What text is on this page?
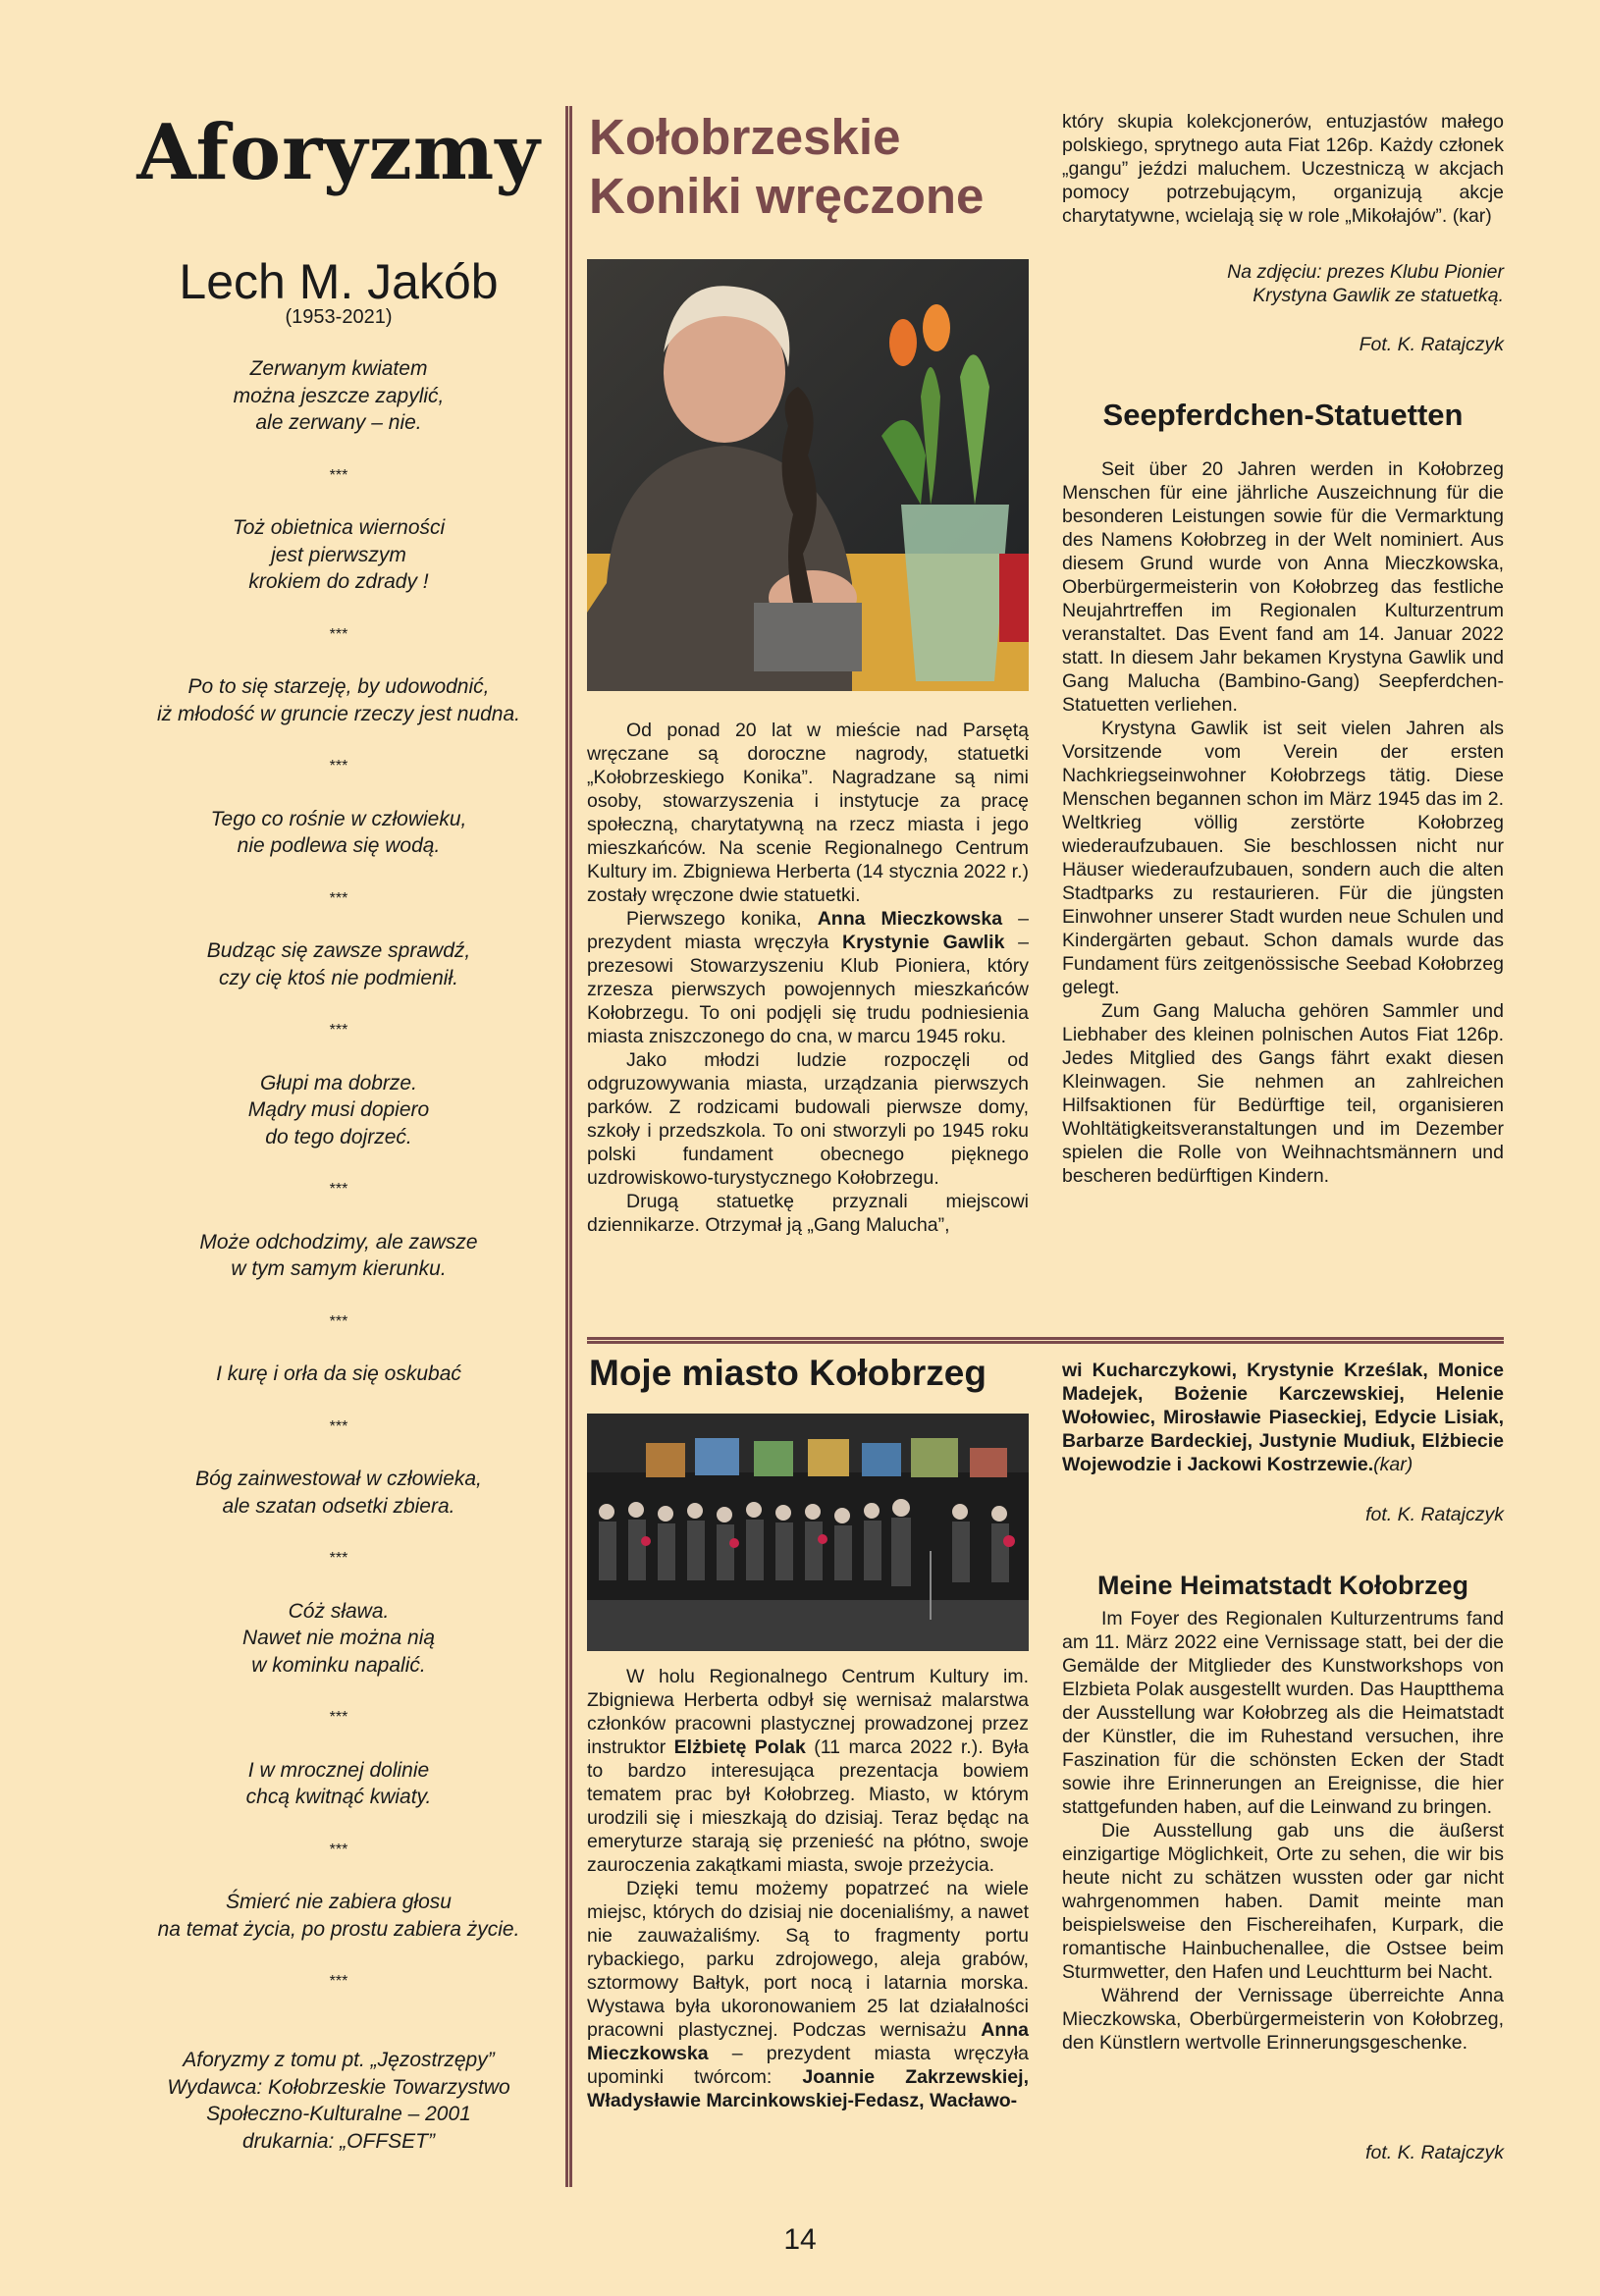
Aforyzmy
Lech M. Jakób
(1953-2021)

Zerwanym kwiatem

można jeszcze zapylić,

ale zerwany – nie.

***

Toż obietnica wierności

jest pierwszym

krokiem do zdrady !

***

Po to się starzeję, by udowodnić,

iż młodość w gruncie rzeczy jest nudna.

***

Tego co rośnie w człowieku,

nie podlewa się wodą.

***

Budząc się zawsze sprawdź,

czy cię ktoś nie podmienił.

***

Głupi ma dobrze.

Mądry musi dopiero

do tego dojrzeć.

***

Może odchodzimy, ale zawsze

w tym samym kierunku.

***

I kurę i orła da się oskubać

***

Bóg zainwestował w człowieka,

ale szatan odsetki zbiera.

***

Cóż sława.

Nawet nie można nią

w kominku napalić.

***

I w mrocznej dolinie

chcą kwitnąć kwiaty.

***

Śmierć nie zabiera głosu

na temat życia, po prostu zabiera życie.

***

Aforyzmy z tomu pt. „Jęzostrzępy”

Wydawca: Kołobrzeskie Towarzystwo

Społeczno-Kulturalne – 2001

drukarnia: „OFFSET”

Kołobrzeskie
Koniki wręczone

Od ponad 20 lat w mieście nad Parsętą wręczane są doroczne nagrody, statuetki „Kołobrzeskiego Konika”. Nagradzane są nimi osoby, stowarzyszenia i instytucje za pracę społeczną, charytatywną na rzecz miasta i jego mieszkańców. Na scenie Regionalnego Centrum Kultury im. Zbigniewa Herberta (14 stycznia 2022 r.) zostały wręczone dwie statuetki.

Pierwszego konika, Anna Mieczkowska – prezydent miasta wręczyła Krystynie Gawlik – prezesowi Stowarzyszeniu Klub Pioniera, który zrzesza pierwszych powojennych mieszkańców Kołobrzegu. To oni podjęli się trudu podniesienia miasta zniszczonego do cna, w marcu 1945 roku.

Jako młodzi ludzie rozpoczęli od odgruzowywania miasta, urządzania pierwszych parków. Z rodzicami budowali pierwsze domy, szkoły i przedszkola. To oni stworzyli po 1945 roku polski fundament obecnego pięknego uzdrowiskowo-turystycznego Kołobrzegu.

Drugą statuetkę przyznali miejscowi dziennikarze. Otrzymał ją „Gang Malucha”,

który skupia kolekcjonerów, entuzjastów małego polskiego, sprytnego auta Fiat 126p. Każdy członek „gangu” jeździ maluchem. Uczestniczą w akcjach pomocy potrzebującym, organizują akcje charytatywne, wcielają się w role „Mikołajów”. (kar)

Na zdjęciu: prezes Klubu Pionier
Krystyna Gawlik ze statuetką.
Fot. K. Ratajczyk
Seepferdchen-Statuetten

Seit über 20 Jahren werden in Kołobrzeg Menschen für eine jährliche Auszeichnung für die besonderen Leistungen sowie für die Vermarktung des Namens Kołobrzeg in der Welt nominiert. Aus diesem Grund wurde von Anna Mieczkowska, Oberbürgermeisterin von Kołobrzeg das festliche Neujahrtreffen im Regionalen Kulturzentrum veranstaltet. Das Event fand am 14. Januar 2022 statt. In diesem Jahr bekamen Krystyna Gawlik und Gang Malucha (Bambino-Gang) Seepferdchen-Statuetten verliehen.

Krystyna Gawlik ist seit vielen Jahren als Vorsitzende vom Verein der ersten Nachkriegseinwohner Kołobrzegs tätig. Diese Menschen begannen schon im März 1945 das im 2. Weltkrieg völlig zerstörte Kołobrzeg wiederaufzubauen. Sie beschlossen nicht nur Häuser wiederaufzubauen, sondern auch die alten Stadtparks zu restaurieren. Für die jüngsten Einwohner unserer Stadt wurden neue Schulen und Kindergärten gebaut. Schon damals wurde das Fundament fürs zeitgenössische Seebad Kołobrzeg gelegt.

Zum Gang Malucha gehören Sammler und Liebhaber des kleinen polnischen Autos Fiat 126p. Jedes Mitglied des Gangs fährt exakt diesen Kleinwagen. Sie nehmen an zahlreichen Hilfsaktionen für Bedürftige teil, organisieren Wohltätigkeitsveranstaltungen und im Dezember spielen die Rolle von Weihnachtsmännern und bescheren bedürftigen Kindern.

Moje miasto Kołobrzeg

W holu Regionalnego Centrum Kultury im. Zbigniewa Herberta odbył się wernisaż malarstwa członków pracowni plastycznej prowadzonej przez instruktor Elżbietę Polak (11 marca 2022 r.). Była to bardzo interesująca prezentacja bowiem tematem prac był Kołobrzeg. Miasto, w którym urodzili się i mieszkają do dzisiaj. Teraz będąc na emeryturze starają się przenieść na płótno, swoje zauroczenia zakątkami miasta, swoje przeżycia.

Dzięki temu możemy popatrzeć na wiele miejsc, których do dzisiaj nie docenialiśmy, a nawet nie zauważaliśmy. Są to fragmenty portu rybackiego, parku zdrojowego, aleja grabów, sztormowy Bałtyk, port nocą i latarnia morska. Wystawa była ukoronowaniem 25 lat działalności pracowni plastycznej. Podczas wernisażu Anna Mieczkowska – prezydent miasta wręczyła upominki twórcom: Joannie Zakrzewskiej, Władysławie Marcinkowskiej-Fedasz, Wacławo-

wi Kucharczykowi, Krystynie Krześlak, Monice Madejek, Bożenie Karczewskiej, Helenie Wołowiec, Mirosławie Piaseckiej, Edycie Lisiak, Barbarze Bardeckiej, Justynie Mudiuk, Elżbiecie Wojewodzie i Jackowi Kostrzewie.(kar)

fot. K. Ratajczyk
Meine Heimatstadt Kołobrzeg

Im Foyer des Regionalen Kulturzentrums fand am 11. März 2022 eine Vernissage statt, bei der die Gemälde der Mitglieder des Kunstworkshops von Elzbieta Polak ausgestellt wurden. Das Hauptthema der Ausstellung war Kołobrzeg als die Heimatstadt der Künstler, die im Ruhestand versuchen, ihre Faszination für die schönsten Ecken der Stadt sowie ihre Erinnerungen an Ereignisse, die hier stattgefunden haben, auf die Leinwand zu bringen.

Die Ausstellung gab uns die äußerst einzigartige Möglichkeit, Orte zu sehen, die wir bis heute nicht zu schätzen wussten oder gar nicht wahrgenommen haben. Damit meinte man beispielsweise den Fischereihafen, Kurpark, die romantische Hainbuchenallee, die Ostsee beim Sturmwetter, den Hafen und Leuchtturm bei Nacht.

Während der Vernissage überreichte Anna Mieczkowska, Oberbürgermeisterin von Kołobrzeg, den Künstlern wertvolle Erinnerungsgeschenke.

fot. K. Ratajczyk
14
